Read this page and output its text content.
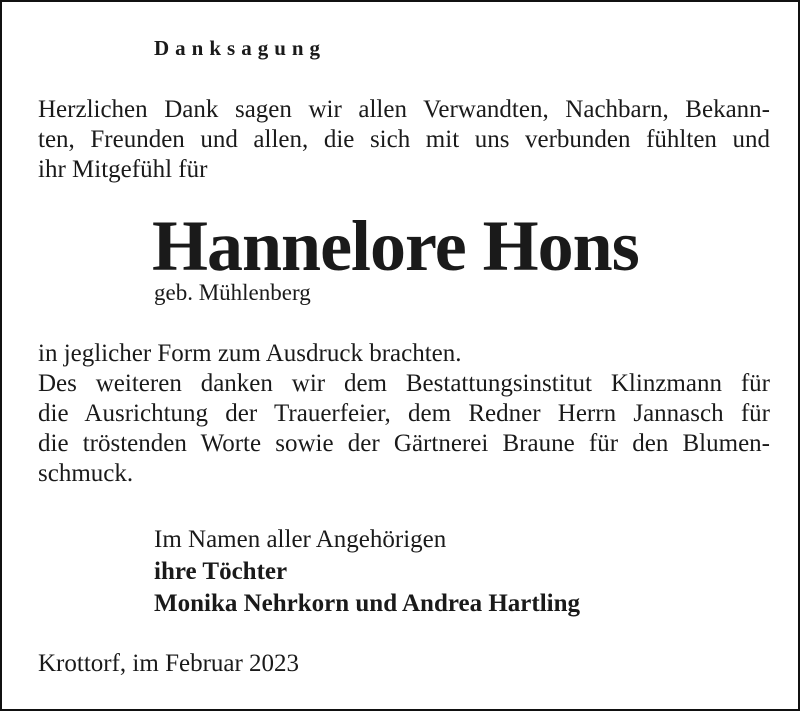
Danksagung
Herzlichen Dank sagen wir allen Verwandten, Nachbarn, Bekann-
ten, Freunden und allen, die sich mit uns verbunden fühlten und
ihr Mitgefühl für
Hannelore Hons
geb. Mühlenberg
in jeglicher Form zum Ausdruck brachten.
Des weiteren danken wir dem Bestattungsinstitut Klinzmann für
die Ausrichtung der Trauerfeier, dem Redner Herrn Jannasch für
die tröstenden Worte sowie der Gärtnerei Braune für den Blumen-
schmuck.
Im Namen aller Angehörigen
ihre Töchter
Monika Nehrkorn und Andrea Hartling
Krottorf, im Februar 2023
